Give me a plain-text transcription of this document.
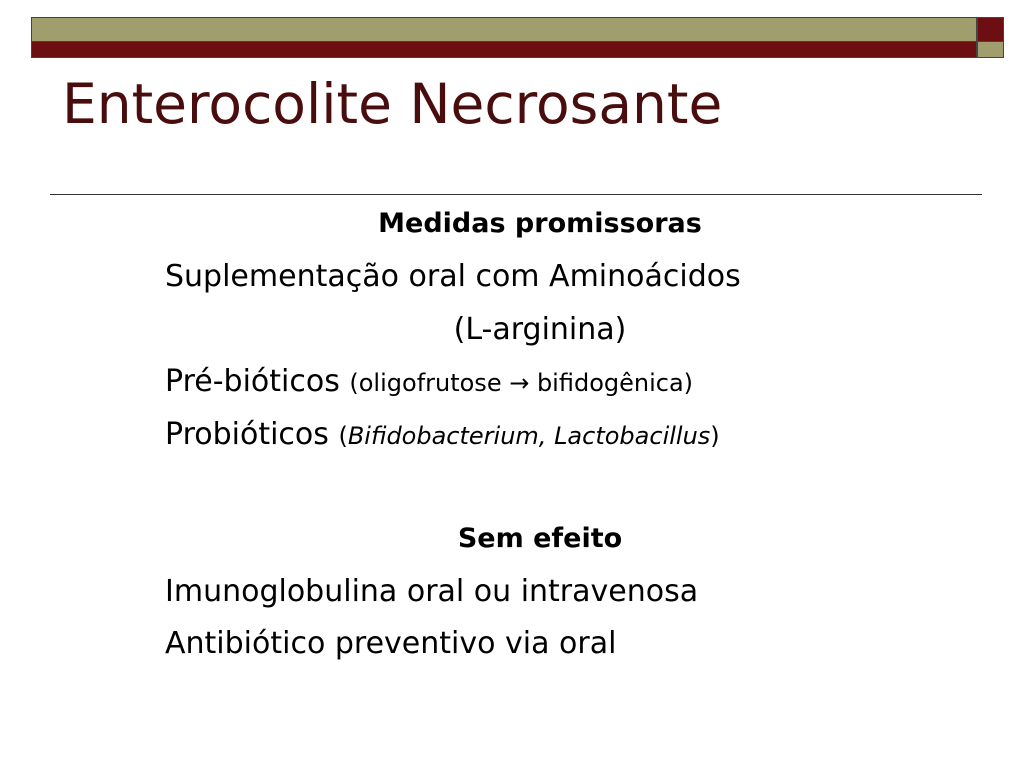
Enterocolite Necrosante

Medidas promissoras

Suplementação oral com Aminoácidos

(L-arginina)

Pré-bióticos (oligofrutose → bifidogênica)

Probióticos (Bifidobacterium, Lactobacillus)

Sem efeito

Imunoglobulina oral ou intravenosa

Antibiótico preventivo via oral
